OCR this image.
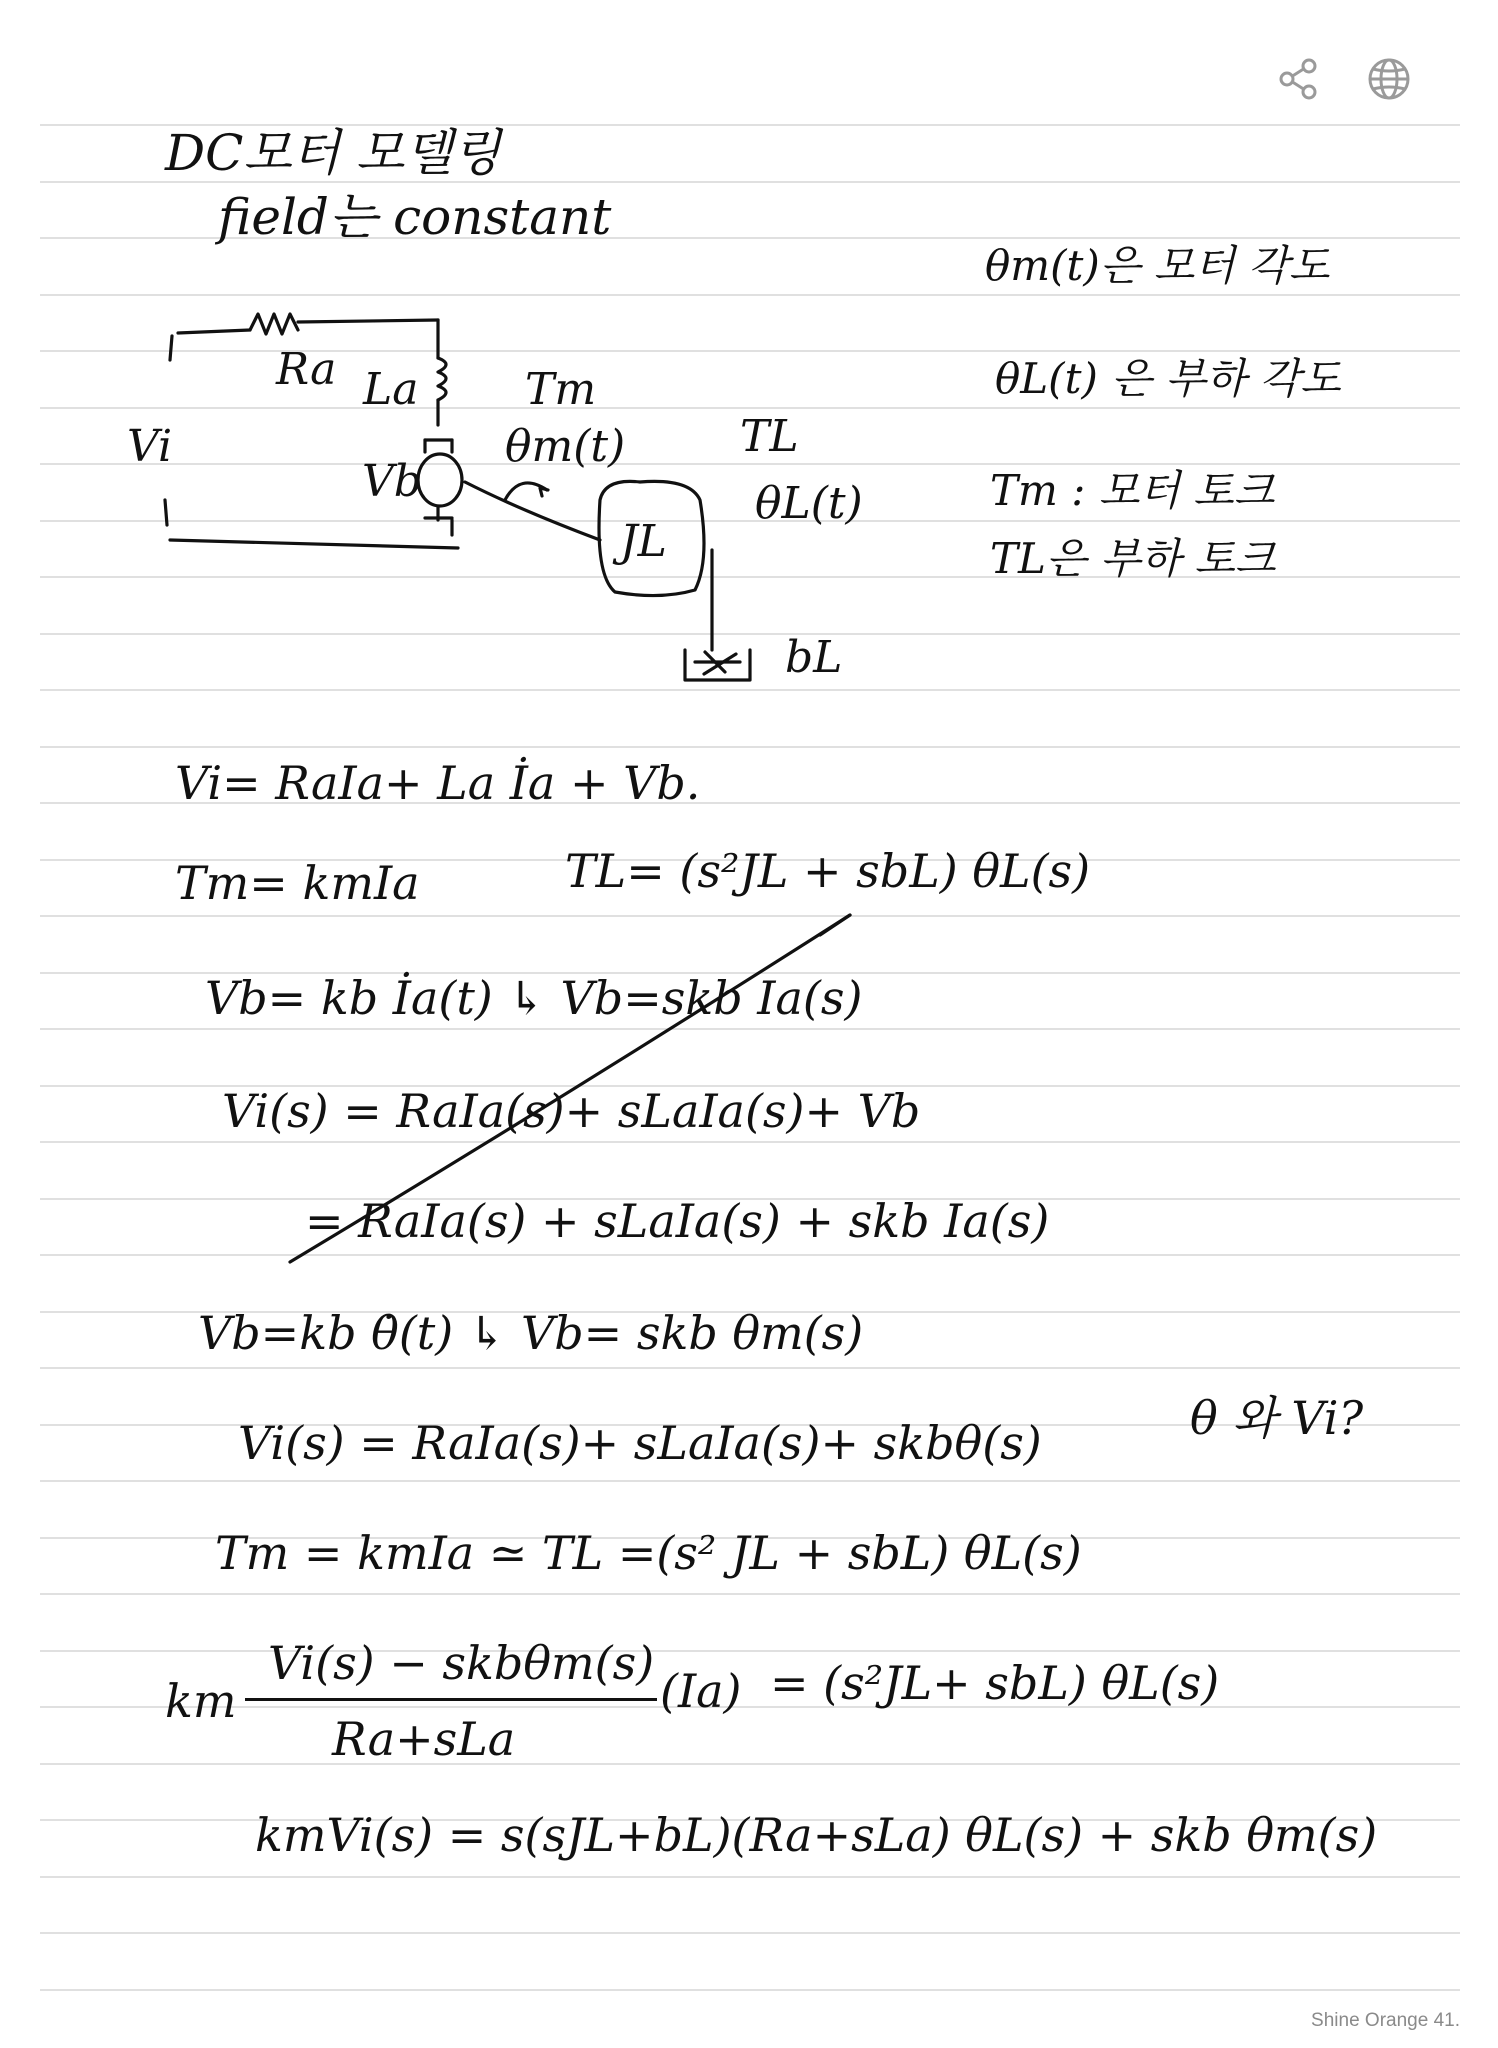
DC모터 모델링
field는 constant
Ra La Tm
Vi	θm(t)	TL
Vb	θL(t)
JL
bL
θm(t)은 모터 각도
θL(t) 은 부하 각도
Tm : 모터 토크
TL은 부하 토크
Vi= RaIa+ La İa + Vb.
Tm= kmIa	TL= (s²JL + sbL) θL(s)
Vb= kb İa(t) ↳ Vb=skb Ia(s)
Vi(s) = RaIa(s)+ sLaIa(s)+ Vb
= RaIa(s) + sLaIa(s) + skb Ia(s)
Vb=kb θ̇(t) ↳ Vb= skb θm(s)
Vi(s) = RaIa(s)+ sLaIa(s)+ skbθ(s)	θ 와 Vi?
Tm = kmIa ≃ TL =(s² JL + sbL) θL(s)
km
Vi(s) − skbθm(s)
Ra+sLa
(Ia) = (s²JL+ sbL) θL(s)
kmVi(s) = s(sJL+bL)(Ra+sLa) θL(s) + skb θm(s)
Shine Orange 41.
